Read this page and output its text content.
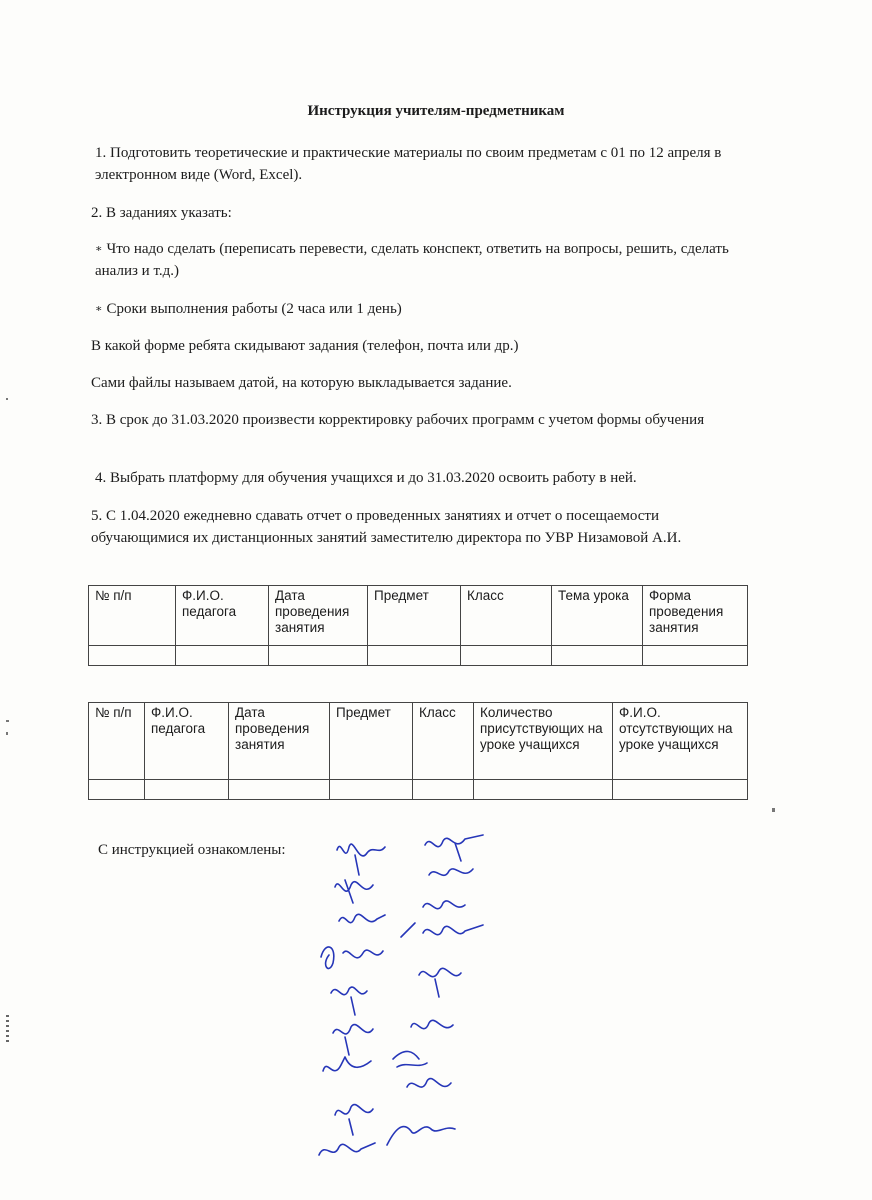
Инструкция учителям-предметникам
1. Подготовить теоретические и практические материалы по своим предметам с 01 по 12 апреля в электронном виде (Word, Excel).
2. В заданиях указать:
∗ Что надо сделать (переписать перевести, сделать конспект, ответить на вопросы, решить, сделать анализ и т.д.)
∗ Сроки выполнения работы (2 часа или 1 день)
В какой форме ребята скидывают задания (телефон, почта или др.)
Сами файлы называем датой, на которую выкладывается задание.
3. В срок до 31.03.2020 произвести корректировку рабочих программ с учетом формы обучения
4. Выбрать платформу для обучения учащихся и до 31.03.2020 освоить работу в ней.
5. С 1.04.2020 ежедневно сдавать отчет о проведенных занятиях и отчет о посещаемости обучающимися их дистанционных занятий заместителю директора по УВР Низамовой А.И.
№ п/п	Ф.И.О. педагога	Дата проведения занятия	Предмет	Класс	Тема урока	Форма проведения занятия

№ п/п	Ф.И.О. педагога	Дата проведения занятия	Предмет	Класс	Количество присутствующих на уроке учащихся	Ф.И.О. отсутствующих на уроке учащихся

С инструкцией ознакомлены:
